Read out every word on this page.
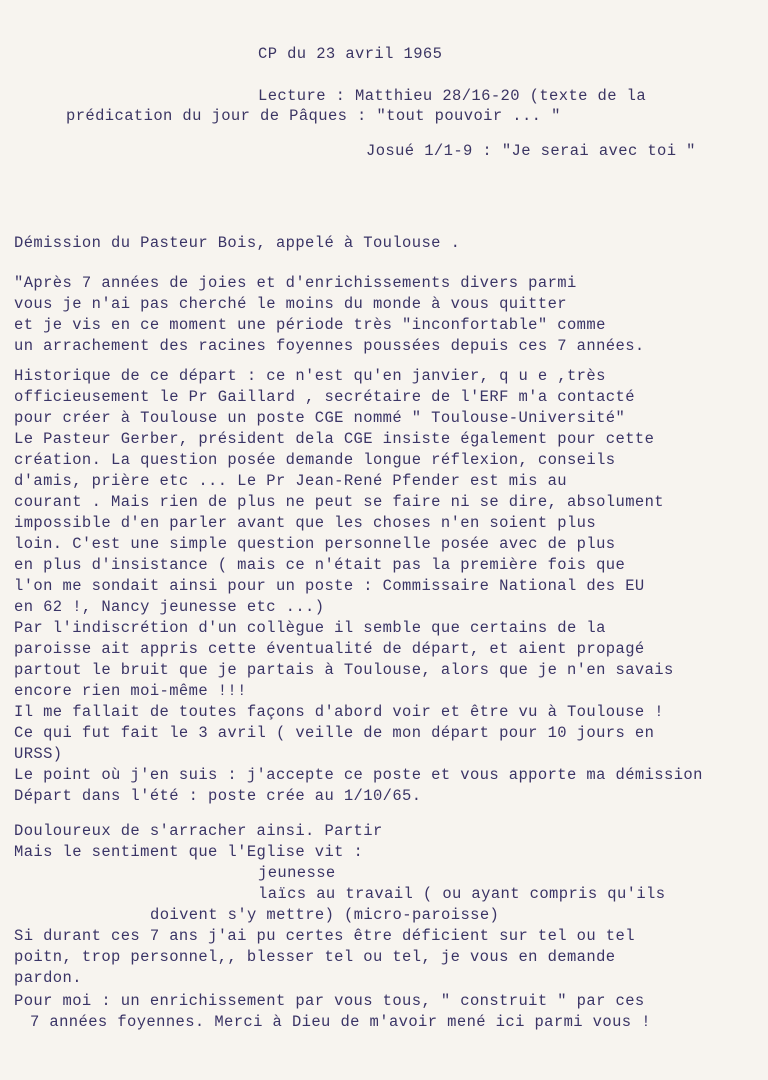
CP du 23 avril 1965
Lecture : Matthieu 28/16-20 (texte de la
prédication du jour de Pâques : "tout pouvoir ... "
Josué 1/1-9 : "Je serai avec toi "
Démission du Pasteur Bois, appelé à Toulouse .
"Après 7 années de joies et d'enrichissements divers parmi
vous je n'ai pas cherché le moins du monde à vous quitter
et je vis en ce moment une période très "inconfortable" comme
un arrachement des racines foyennes poussées depuis ces 7 années.
Historique de ce départ : ce n'est qu'en janvier, q u e ,très
officieusement le Pr Gaillard , secrétaire de l'ERF m'a contacté
pour créer à Toulouse un poste CGE nommé " Toulouse-Université"
Le Pasteur Gerber, président dela CGE insiste également pour cette
création. La question posée demande longue réflexion, conseils
d'amis, prière etc ... Le Pr Jean-René Pfender est mis au
courant . Mais rien de plus ne peut se faire ni se dire, absolument
impossible d'en parler avant que les choses n'en soient plus
loin. C'est une simple question personnelle posée avec de plus
en plus d'insistance ( mais ce n'était pas la première fois que
l'on me sondait ainsi pour un poste : Commissaire National des EU
en 62 !, Nancy jeunesse etc ...)
Par l'indiscrétion d'un collègue il semble que certains de la
paroisse ait appris cette éventualité de départ, et aient propagé
partout le bruit que je partais à Toulouse, alors que je n'en savais
encore rien moi-même !!!
Il me fallait de toutes façons d'abord voir et être vu à Toulouse !
Ce qui fut fait le 3 avril ( veille de mon départ pour 10 jours en
URSS)
Le point où j'en suis : j'accepte ce poste et vous apporte ma démission
Départ dans l'été : poste crée au 1/10/65.
Douloureux de s'arracher ainsi. Partir
Mais le sentiment que l'Eglise vit :
jeunesse
laïcs au travail ( ou ayant compris qu'ils
doivent s'y mettre) (micro-paroisse)
Si durant ces 7 ans j'ai pu certes être déficient sur tel ou tel
poitn, trop personnel,, blesser tel ou tel, je vous en demande
pardon.
Pour moi : un enrichissement par vous tous, " construit " par ces
7 années foyennes. Merci à Dieu de m'avoir mené ici parmi vous !
